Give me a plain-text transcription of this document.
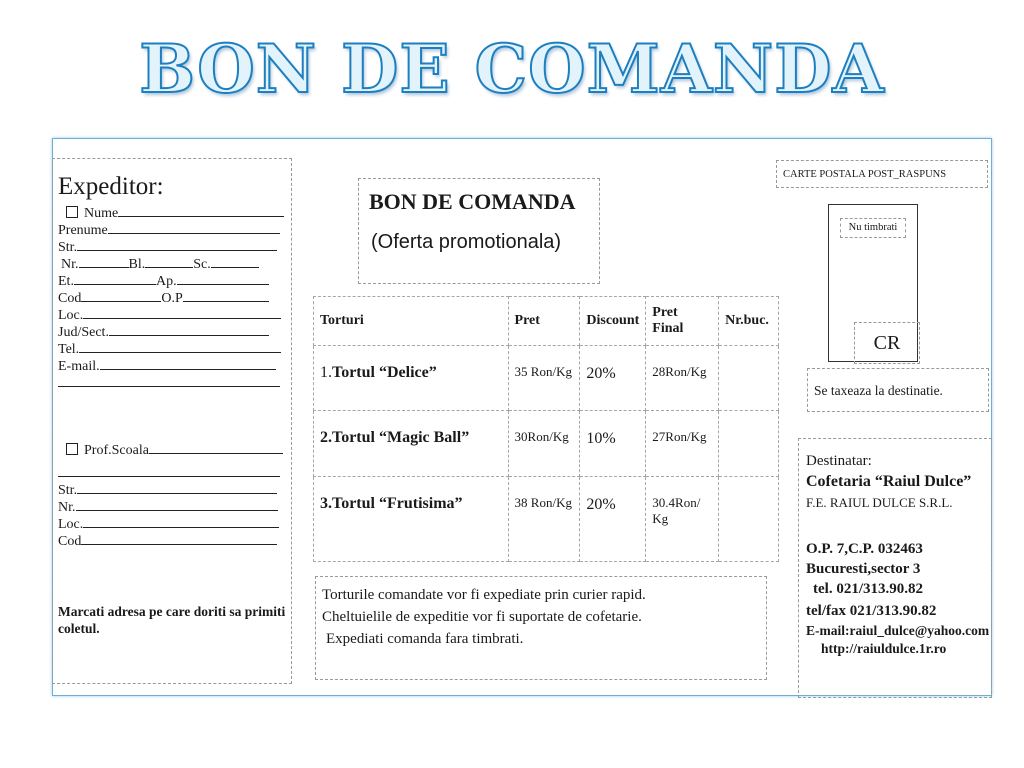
BON DE COMANDA
Expeditor:
Nume
Prenume
Str.
Nr.	Bl.	Sc.
Et.	Ap.
Cod	O.P
Loc.
Jud/Sect.
Tel.
E-mail.
Prof.Scoala
Str.
Nr.
Loc.
Cod
Marcati adresa pe care doriti sa primiti coletul.
BON DE COMANDA
(Oferta promotionala)
Torturi	Pret	Discount	Pret Final	Nr.buc.
1.Tortul “Delice”	35 Ron/Kg	20%	28Ron/Kg	
2.Tortul “Magic Ball”	30Ron/Kg	10%	27Ron/Kg	
3.Tortul “Frutisima”	38 Ron/Kg	20%	30.4Ron/ Kg	
Torturile comandate vor fi expediate prin curier rapid.
Cheltuielile de expeditie vor fi suportate de cofetarie.
Expediati comanda fara timbrati.
CARTE POSTALA POST_RASPUNS
Nu timbrati
CR
Se taxeaza la destinatie.
Destinatar:
Cofetaria “Raiul Dulce”
F.E. RAIUL DULCE S.R.L.
O.P. 7,C.P. 032463
Bucuresti,sector 3
tel. 021/313.90.82
tel/fax 021/313.90.82
E-mail:raiul_dulce@yahoo.com
http://raiuldulce.1r.ro
